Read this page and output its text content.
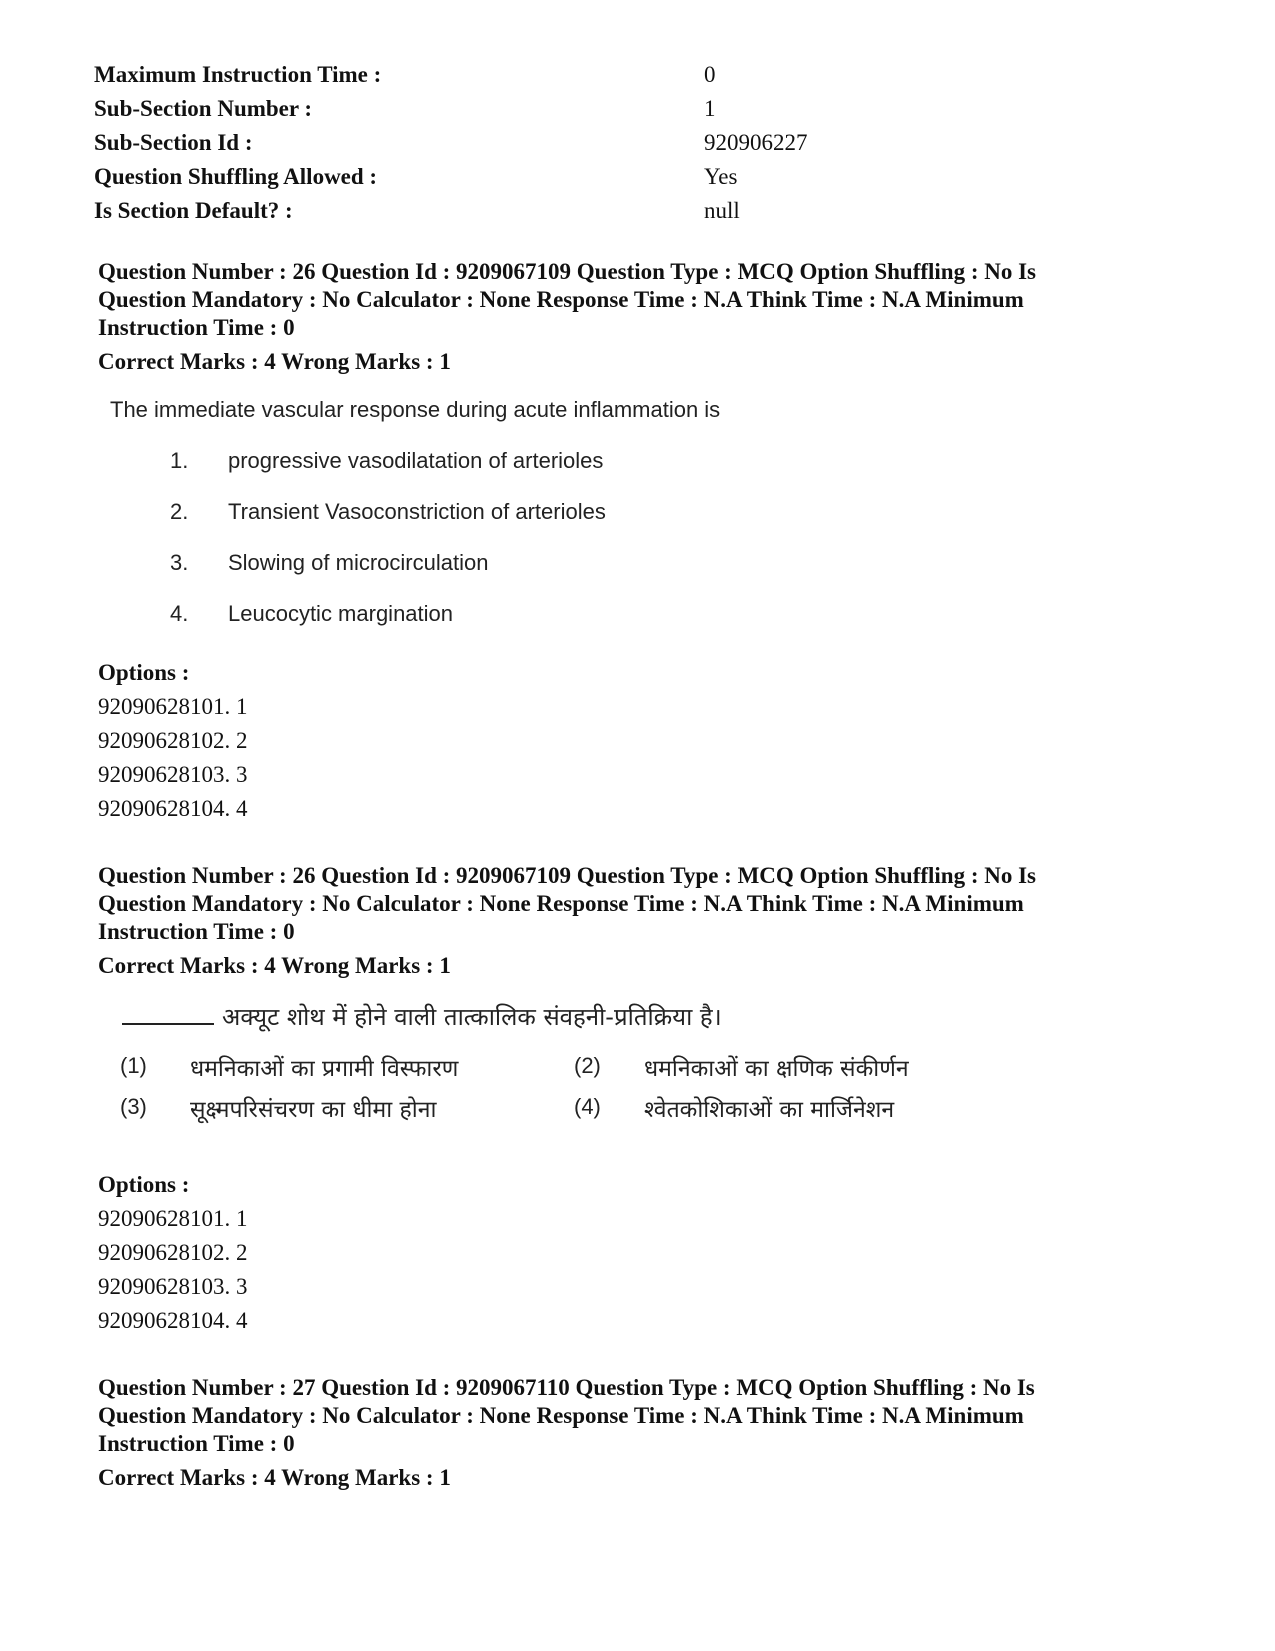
Maximum Instruction Time :	0
Sub-Section Number :	1
Sub-Section Id :	920906227
Question Shuffling Allowed :	Yes
Is Section Default? :	null
Question Number : 26 Question Id : 9209067109 Question Type : MCQ Option Shuffling : No Is
Question Mandatory : No Calculator : None Response Time : N.A Think Time : N.A Minimum
Instruction Time : 0
Correct Marks : 4 Wrong Marks : 1
The immediate vascular response during acute inflammation is
1. progressive vasodilatation of arterioles
2. Transient Vasoconstriction of arterioles
3. Slowing of microcirculation
4. Leucocytic margination
Options :
92090628101. 1
92090628102. 2
92090628103. 3
92090628104. 4
Question Number : 26 Question Id : 9209067109 Question Type : MCQ Option Shuffling : No Is
Question Mandatory : No Calculator : None Response Time : N.A Think Time : N.A Minimum
Instruction Time : 0
Correct Marks : 4 Wrong Marks : 1
अक्यूट शोथ में होने वाली तात्कालिक संवहनी-प्रतिक्रिया है।
(1) धमनिकाओं का प्रगामी विस्फारण	(2) धमनिकाओं का क्षणिक संकीर्णन
(3) सूक्ष्मपरिसंचरण का धीमा होना	(4) श्वेतकोशिकाओं का मार्जिनेशन
Options :
92090628101. 1
92090628102. 2
92090628103. 3
92090628104. 4
Question Number : 27 Question Id : 9209067110 Question Type : MCQ Option Shuffling : No Is
Question Mandatory : No Calculator : None Response Time : N.A Think Time : N.A Minimum
Instruction Time : 0
Correct Marks : 4 Wrong Marks : 1
